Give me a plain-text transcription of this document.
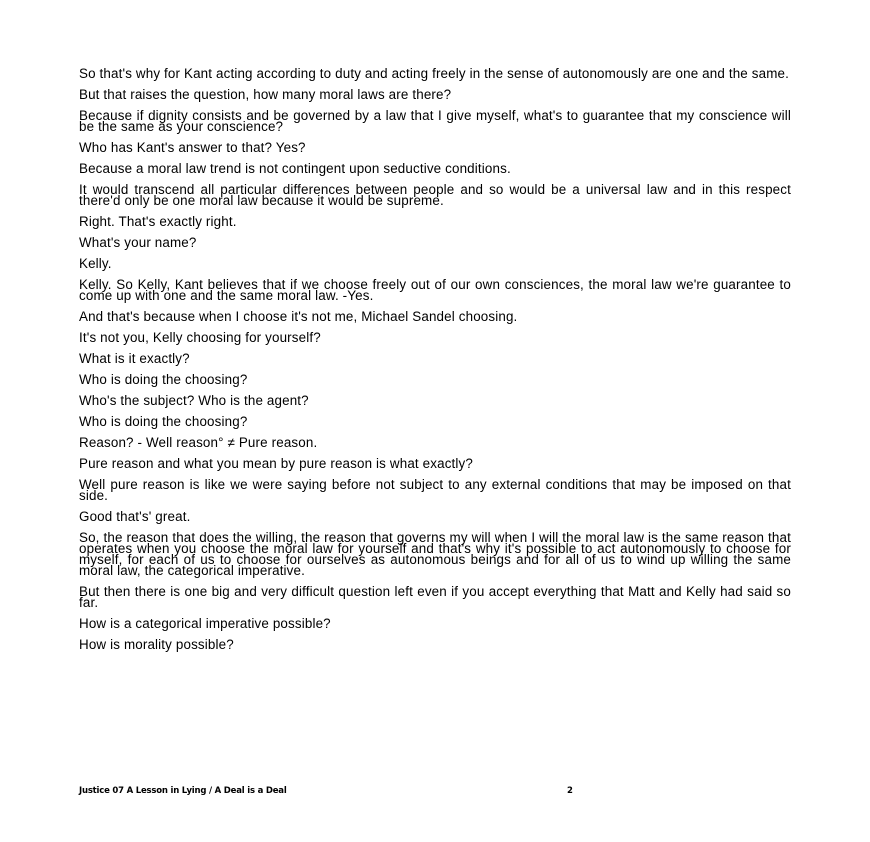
So that's why for Kant acting according to duty and acting freely in the sense of autonomously are one and the same.

But that raises the question, how many moral laws are there?

Because if dignity consists and be governed by a law that I give myself, what's to guarantee that my conscience will be the same as your conscience?

Who has Kant's answer to that? Yes?

Because a moral law trend is not contingent upon seductive conditions.

It would transcend all particular differences between people and so would be a universal law and in this respect there'd only be one moral law because it would be supreme.

Right. That's exactly right.

What's your name?

Kelly.

Kelly. So Kelly, Kant believes that if we choose freely out of our own consciences, the moral law we're guarantee to come up with one and the same moral law. -Yes.

And that's because when I choose it's not me, Michael Sandel choosing.

It's not you, Kelly choosing for yourself?

What is it exactly?

Who is doing the choosing?

Who's the subject? Who is the agent?

Who is doing the choosing?

Reason? - Well reason° ≠ Pure reason.

Pure reason and what you mean by pure reason is what exactly?

Well pure reason is like we were saying before not subject to any external conditions that may be imposed on that side.

Good that's' great.

So, the reason that does the willing, the reason that governs my will when I will the moral law is the same reason that operates when you choose the moral law for yourself and that's why it's possible to act autonomously to choose for myself, for each of us to choose for ourselves as autonomous beings and for all of us to wind up willing the same moral law, the categorical imperative.

But then there is one big and very difficult question left even if you accept everything that Matt and Kelly had said so far.

How is a categorical imperative possible?

How is morality possible?

Justice 07 A Lesson in Lying / A Deal is a Deal	2
